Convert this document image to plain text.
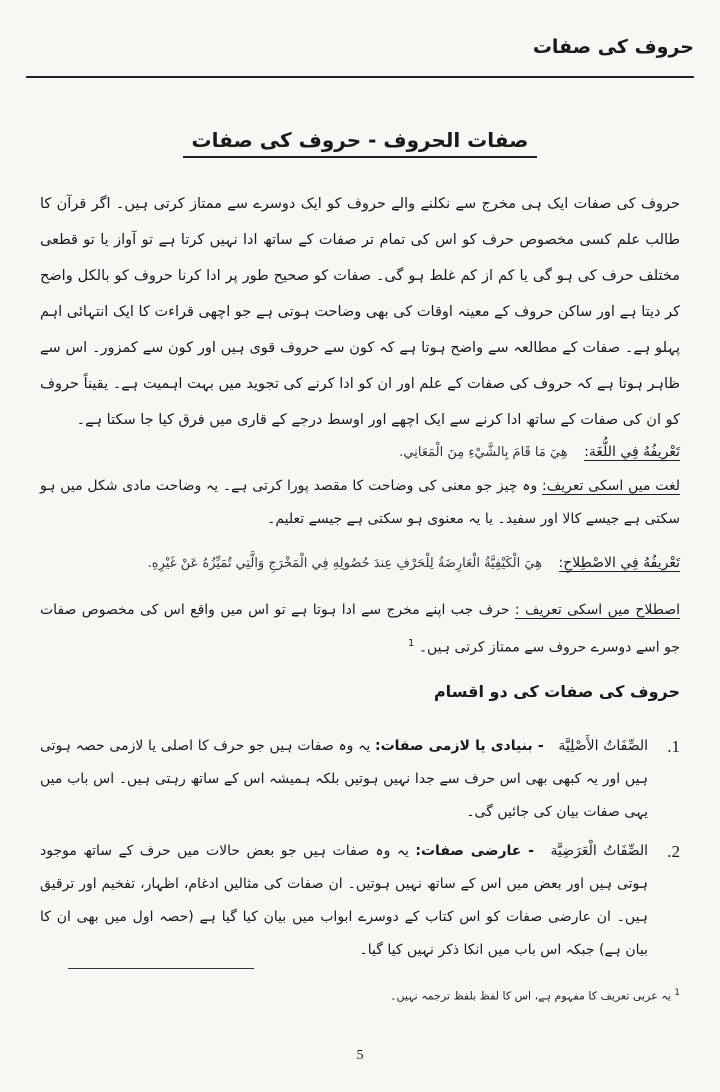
حروف کی صفات
صفات الحروف - حروف کی صفات

حروف کی صفات ایک ہی مخرج سے نکلنے والے حروف کو ایک دوسرے سے ممتاز کرتی ہیں۔ اگر قرآن کا طالب علم کسی مخصوص حرف کو اس کی تمام تر صفات کے ساتھ ادا نہیں کرتا ہے تو آواز یا تو قطعی مختلف حرف کی ہو گی یا کم از کم غلط ہو گی۔ صفات کو صحیح طور پر ادا کرنا حروف کو بالکل واضح کر دیتا ہے اور ساکن حروف کے معینہ اوقات کی بھی وضاحت ہوتی ہے جو اچھی قراءت کا ایک انتہائی اہم پہلو ہے۔ صفات کے مطالعہ سے واضح ہوتا ہے کہ کون سے حروف قوی ہیں اور کون سے کمزور۔ اس سے ظاہر ہوتا ہے کہ حروف کی صفات کے علم اور ان کو ادا کرنے کی تجوید میں بہت اہمیت ہے۔ یقیناً حروف کو ان کی صفات کے ساتھ ادا کرنے سے ایک اچھے اور اوسط درجے کے قاری میں فرق کیا جا سکتا ہے۔

تَعْرِيفُهُ فِي اللُّغَة: هِيَ مَا قَامَ بِالشَّيْءِ مِنَ الْمَعَانِي.

لغت میں اسکی تعریف: وہ چیز جو معنی کی وضاحت کا مقصد پورا کرتی ہے۔ یہ وضاحت مادی شکل میں ہو سکتی ہے جیسے کالا اور سفید۔ یا یہ معنوی ہو سکتی ہے جیسے تعلیم۔

تَعْرِيفُهُ فِي الاصْطِلاحِ: هِيَ الْكَيْفِيَّةُ الْعَارِضَةُ لِلْحَرْفِ عِندَ حُصُولِهِ فِي الْمَخْرَجِ وَالَّتِي تُمَيِّزُهُ عَنْ غَيْرِهِ.

اصطلاح میں اسکی تعریف : حرف جب اپنے مخرج سے ادا ہوتا ہے تو اس میں واقع اس کی مخصوص صفات جو اسے دوسرے حروف سے ممتاز کرتی ہیں۔ $^1$

حروف کی صفات کی دو اقسام
1.
الصِّفَاتُ الأَصْلِيَّة - بنیادی یا لازمی صفات: یہ وہ صفات ہیں جو حرف کا اصلی یا لازمی حصہ ہوتی ہیں اور یہ کبھی بھی اس حرف سے جدا نہیں ہوتیں بلکہ ہمیشہ اس کے ساتھ رہتی ہیں۔ اس باب میں یہی صفات بیان کی جائیں گی۔
2.
الصِّفَاتُ الْعَرَضِيَّة - عارضی صفات: یہ وہ صفات ہیں جو بعض حالات میں حرف کے ساتھ موجود ہوتی ہیں اور بعض میں اس کے ساتھ نہیں ہوتیں۔ ان صفات کی مثالیں ادغام، اظہار، تفخیم اور ترقیق ہیں۔ ان عارضی صفات کو اس کتاب کے دوسرے ابواب میں بیان کیا گیا ہے (حصہ اول میں بھی ان کا بیان ہے) جبکہ اس باب میں انکا ذکر نہیں کیا گیا۔
$^1$ یہ عربی تعریف کا مفہوم ہے، اس کا لفظ بلفظ ترجمہ نہیں۔
5
